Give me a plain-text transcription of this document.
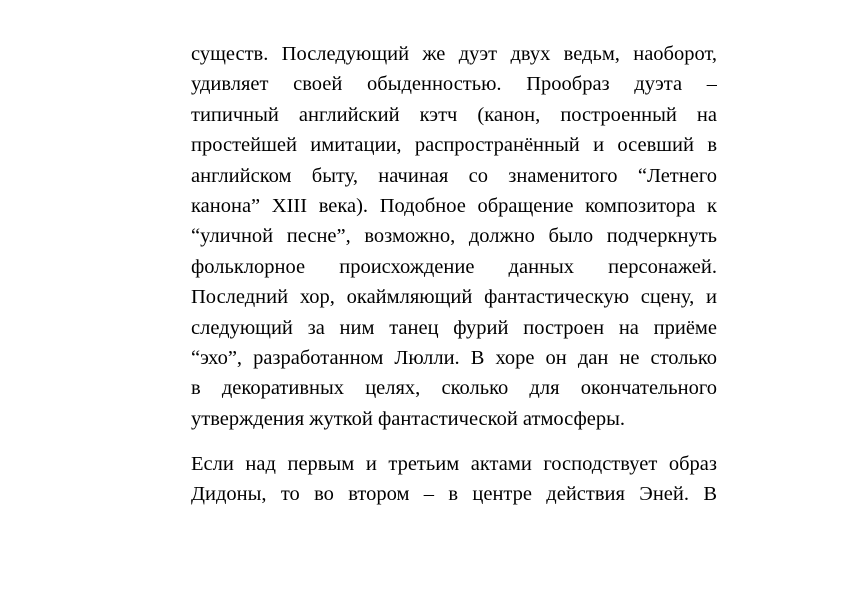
существ. Последующий же дуэт двух ведьм, наоборот,
удивляет своей обыденностью. Прообраз дуэта –
типичный английский кэтч (канон, построенный на
простейшей имитации, распространённый и осевший в
английском быту, начиная со знаменитого “Летнего
канона” XIII века). Подобное обращение композитора к
“уличной песне”, возможно, должно было подчеркнуть
фольклорное происхождение данных персонажей.
Последний хор, окаймляющий фантастическую сцену, и
следующий за ним танец фурий построен на приёме
“эхо”, разработанном Люлли. В хоре он дан не столько
в декоративных целях, сколько для окончательного
утверждения жуткой фантастической атмосферы.
Если над первым и третьим актами господствует образ
Дидоны, то во втором – в центре действия Эней. В
